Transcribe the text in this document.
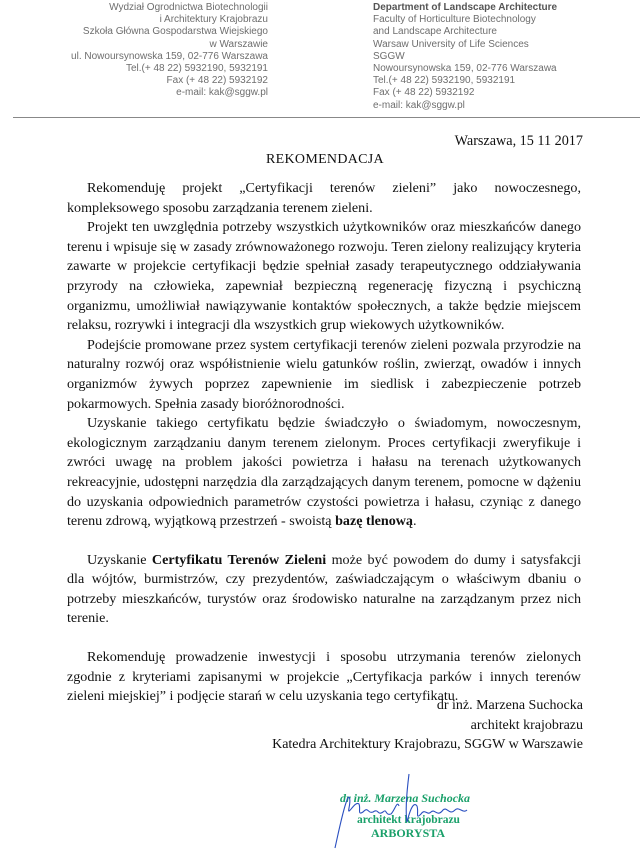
Wydział Ogrodnictwa Biotechnologii
i Architektury Krajobrazu
Szkoła Główna Gospodarstwa Wiejskiego
w Warszawie
ul. Nowoursynowska 159, 02-776 Warszawa
Tel.(+ 48 22) 5932190, 5932191
Fax (+ 48 22) 5932192
e-mail: kak@sggw.pl
Department of Landscape Architecture
Faculty of Horticulture Biotechnology
and Landscape Architecture
Warsaw University of Life Sciences
SGGW
Nowoursynowska 159, 02-776 Warszawa
Tel.(+ 48 22) 5932190, 5932191
Fax (+ 48 22) 5932192
e-mail: kak@sggw.pl
Warszawa, 15 11 2017
REKOMENDACJA

Rekomenduję projekt „Certyfikacji terenów zieleni” jako nowoczesnego, kompleksowego sposobu zarządzania terenem zieleni.

Projekt ten uwzględnia potrzeby wszystkich użytkowników oraz mieszkańców danego terenu i wpisuje się w zasady zrównoważonego rozwoju. Teren zielony realizujący kryteria zawarte w projekcie certyfikacji będzie spełniał zasady terapeutycznego oddziaływania przyrody na człowieka, zapewniał bezpieczną regenerację fizyczną i psychiczną organizmu, umożliwiał nawiązywanie kontaktów społecznych, a także będzie miejscem relaksu, rozrywki i integracji dla wszystkich grup wiekowych użytkowników.

Podejście promowane przez system certyfikacji terenów zieleni pozwala przyrodzie na naturalny rozwój oraz współistnienie wielu gatunków roślin, zwierząt, owadów i innych organizmów żywych poprzez zapewnienie im siedlisk i zabezpieczenie potrzeb pokarmowych. Spełnia zasady bioróżnorodności.

Uzyskanie takiego certyfikatu będzie świadczyło o świadomym, nowoczesnym, ekologicznym zarządzaniu danym terenem zielonym. Proces certyfikacji zweryfikuje i zwróci uwagę na problem jakości powietrza i hałasu na terenach użytkowanych rekreacyjnie, udostępni narzędzia dla zarządzających danym terenem, pomocne w dążeniu do uzyskania odpowiednich parametrów czystości powietrza i hałasu, czyniąc z danego terenu zdrową, wyjątkową przestrzeń - swoistą bazę tlenową.

Uzyskanie Certyfikatu Terenów Zieleni może być powodem do dumy i satysfakcji dla wójtów, burmistrzów, czy prezydentów, zaświadczającym o właściwym dbaniu o potrzeby mieszkańców, turystów oraz środowisko naturalne na zarządzanym przez nich terenie.

Rekomenduję prowadzenie inwestycji i sposobu utrzymania terenów zielonych zgodnie z kryteriami zapisanymi w projekcie „Certyfikacja parków i innych terenów zieleni miejskiej” i podjęcie starań w celu uzyskania tego certyfikatu.

dr inż. Marzena Suchocka
architekt krajobrazu
Katedra Architektury Krajobrazu, SGGW w Warszawie
dr inż. Marzena Suchocka
architekt krajobrazu
ARBORYSTA
